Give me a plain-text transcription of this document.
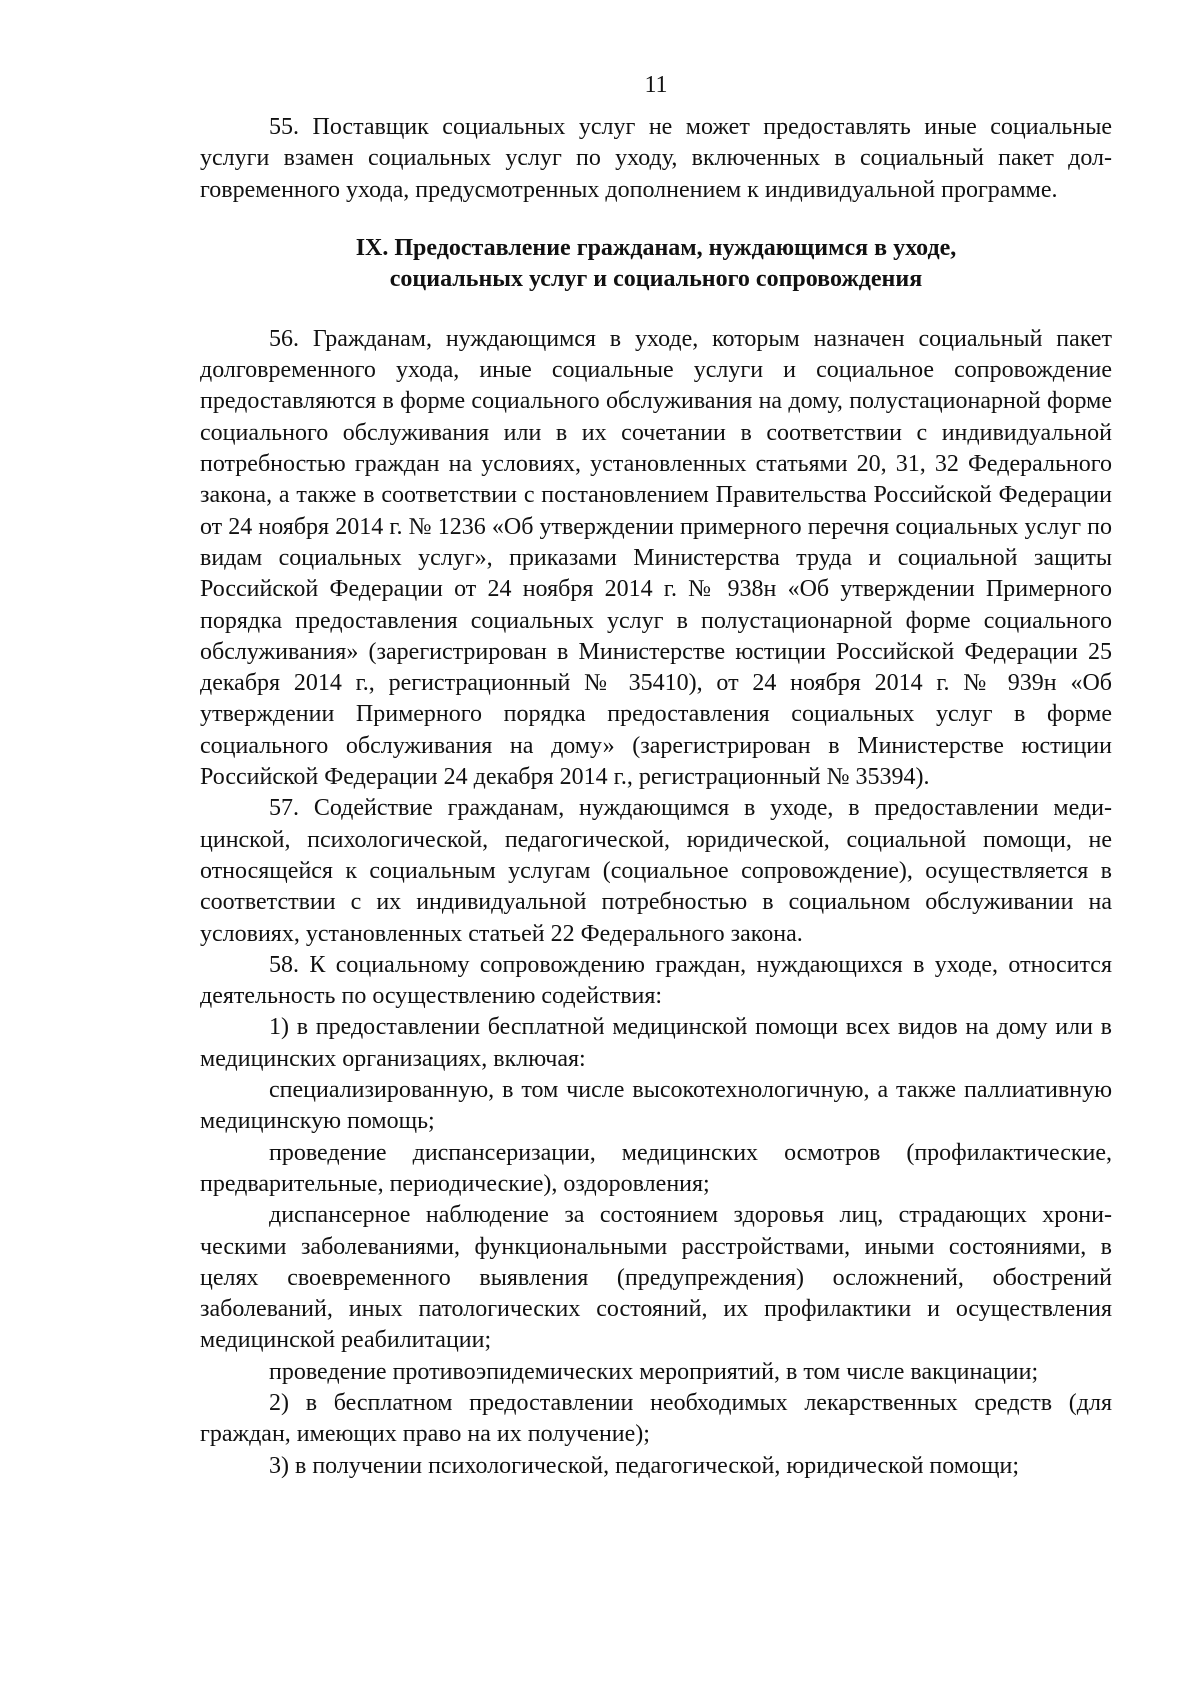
11

55. Поставщик социальных услуг не может предоставлять иные социальные услуги взамен социальных услуг по уходу, включенных в социальный пакет долговременного ухода, предусмотренных дополнением к индивидуальной программе.

IX. Предоставление гражданам, нуждающимся в уходе,
социальных услуг и социального сопровождения

56. Гражданам, нуждающимся в уходе, которым назначен социальный пакет долговременного ухода, иные социальные услуги и социальное сопровождение предоставляются в форме социального обслуживания на дому, полустационарной форме социального обслуживания или в их сочетании в соответствии с индивидуальной потребностью граждан на условиях, установленных статьями 20, 31, 32 Федерального закона, а также в соответствии с постановлением Правительства Российской Федерации от 24 ноября 2014 г. № 1236 «Об утверждении примерного перечня социальных услуг по видам социальных услуг», приказами Министерства труда и социальной защиты Российской Федерации от 24 ноября 2014 г. № 938н «Об утверждении Примерного порядка предоставления социальных услуг в полустационарной форме социального обслуживания» (зарегистрирован в Министерстве юстиции Российской Федерации 25 декабря 2014 г., регистрационный № 35410), от 24 ноября 2014 г. № 939н «Об утверждении Примерного порядка предоставления социальных услуг в форме социального обслуживания на дому» (зарегистрирован в Министерстве юстиции Российской Федерации 24 декабря 2014 г., регистрационный № 35394).

57. Содействие гражданам, нуждающимся в уходе, в предоставлении медицинской, психологической, педагогической, юридической, социальной помощи, не относящейся к социальным услугам (социальное сопровождение), осуществляется в соответствии с их индивидуальной потребностью в социальном обслуживании на условиях, установленных статьей 22 Федерального закона.

58. К социальному сопровождению граждан, нуждающихся в уходе, относится деятельность по осуществлению содействия:

1) в предоставлении бесплатной медицинской помощи всех видов на дому или в медицинских организациях, включая:

специализированную, в том числе высокотехнологичную, а также паллиативную медицинскую помощь;

проведение диспансеризации, медицинских осмотров (профилактические, предварительные, периодические), оздоровления;

диспансерное наблюдение за состоянием здоровья лиц, страдающих хроническими заболеваниями, функциональными расстройствами, иными состояниями, в целях своевременного выявления (предупреждения) осложнений, обострений заболеваний, иных патологических состояний, их профилактики и осуществления медицинской реабилитации;

проведение противоэпидемических мероприятий, в том числе вакцинации;

2) в бесплатном предоставлении необходимых лекарственных средств (для граждан, имеющих право на их получение);

3) в получении психологической, педагогической, юридической помощи;
